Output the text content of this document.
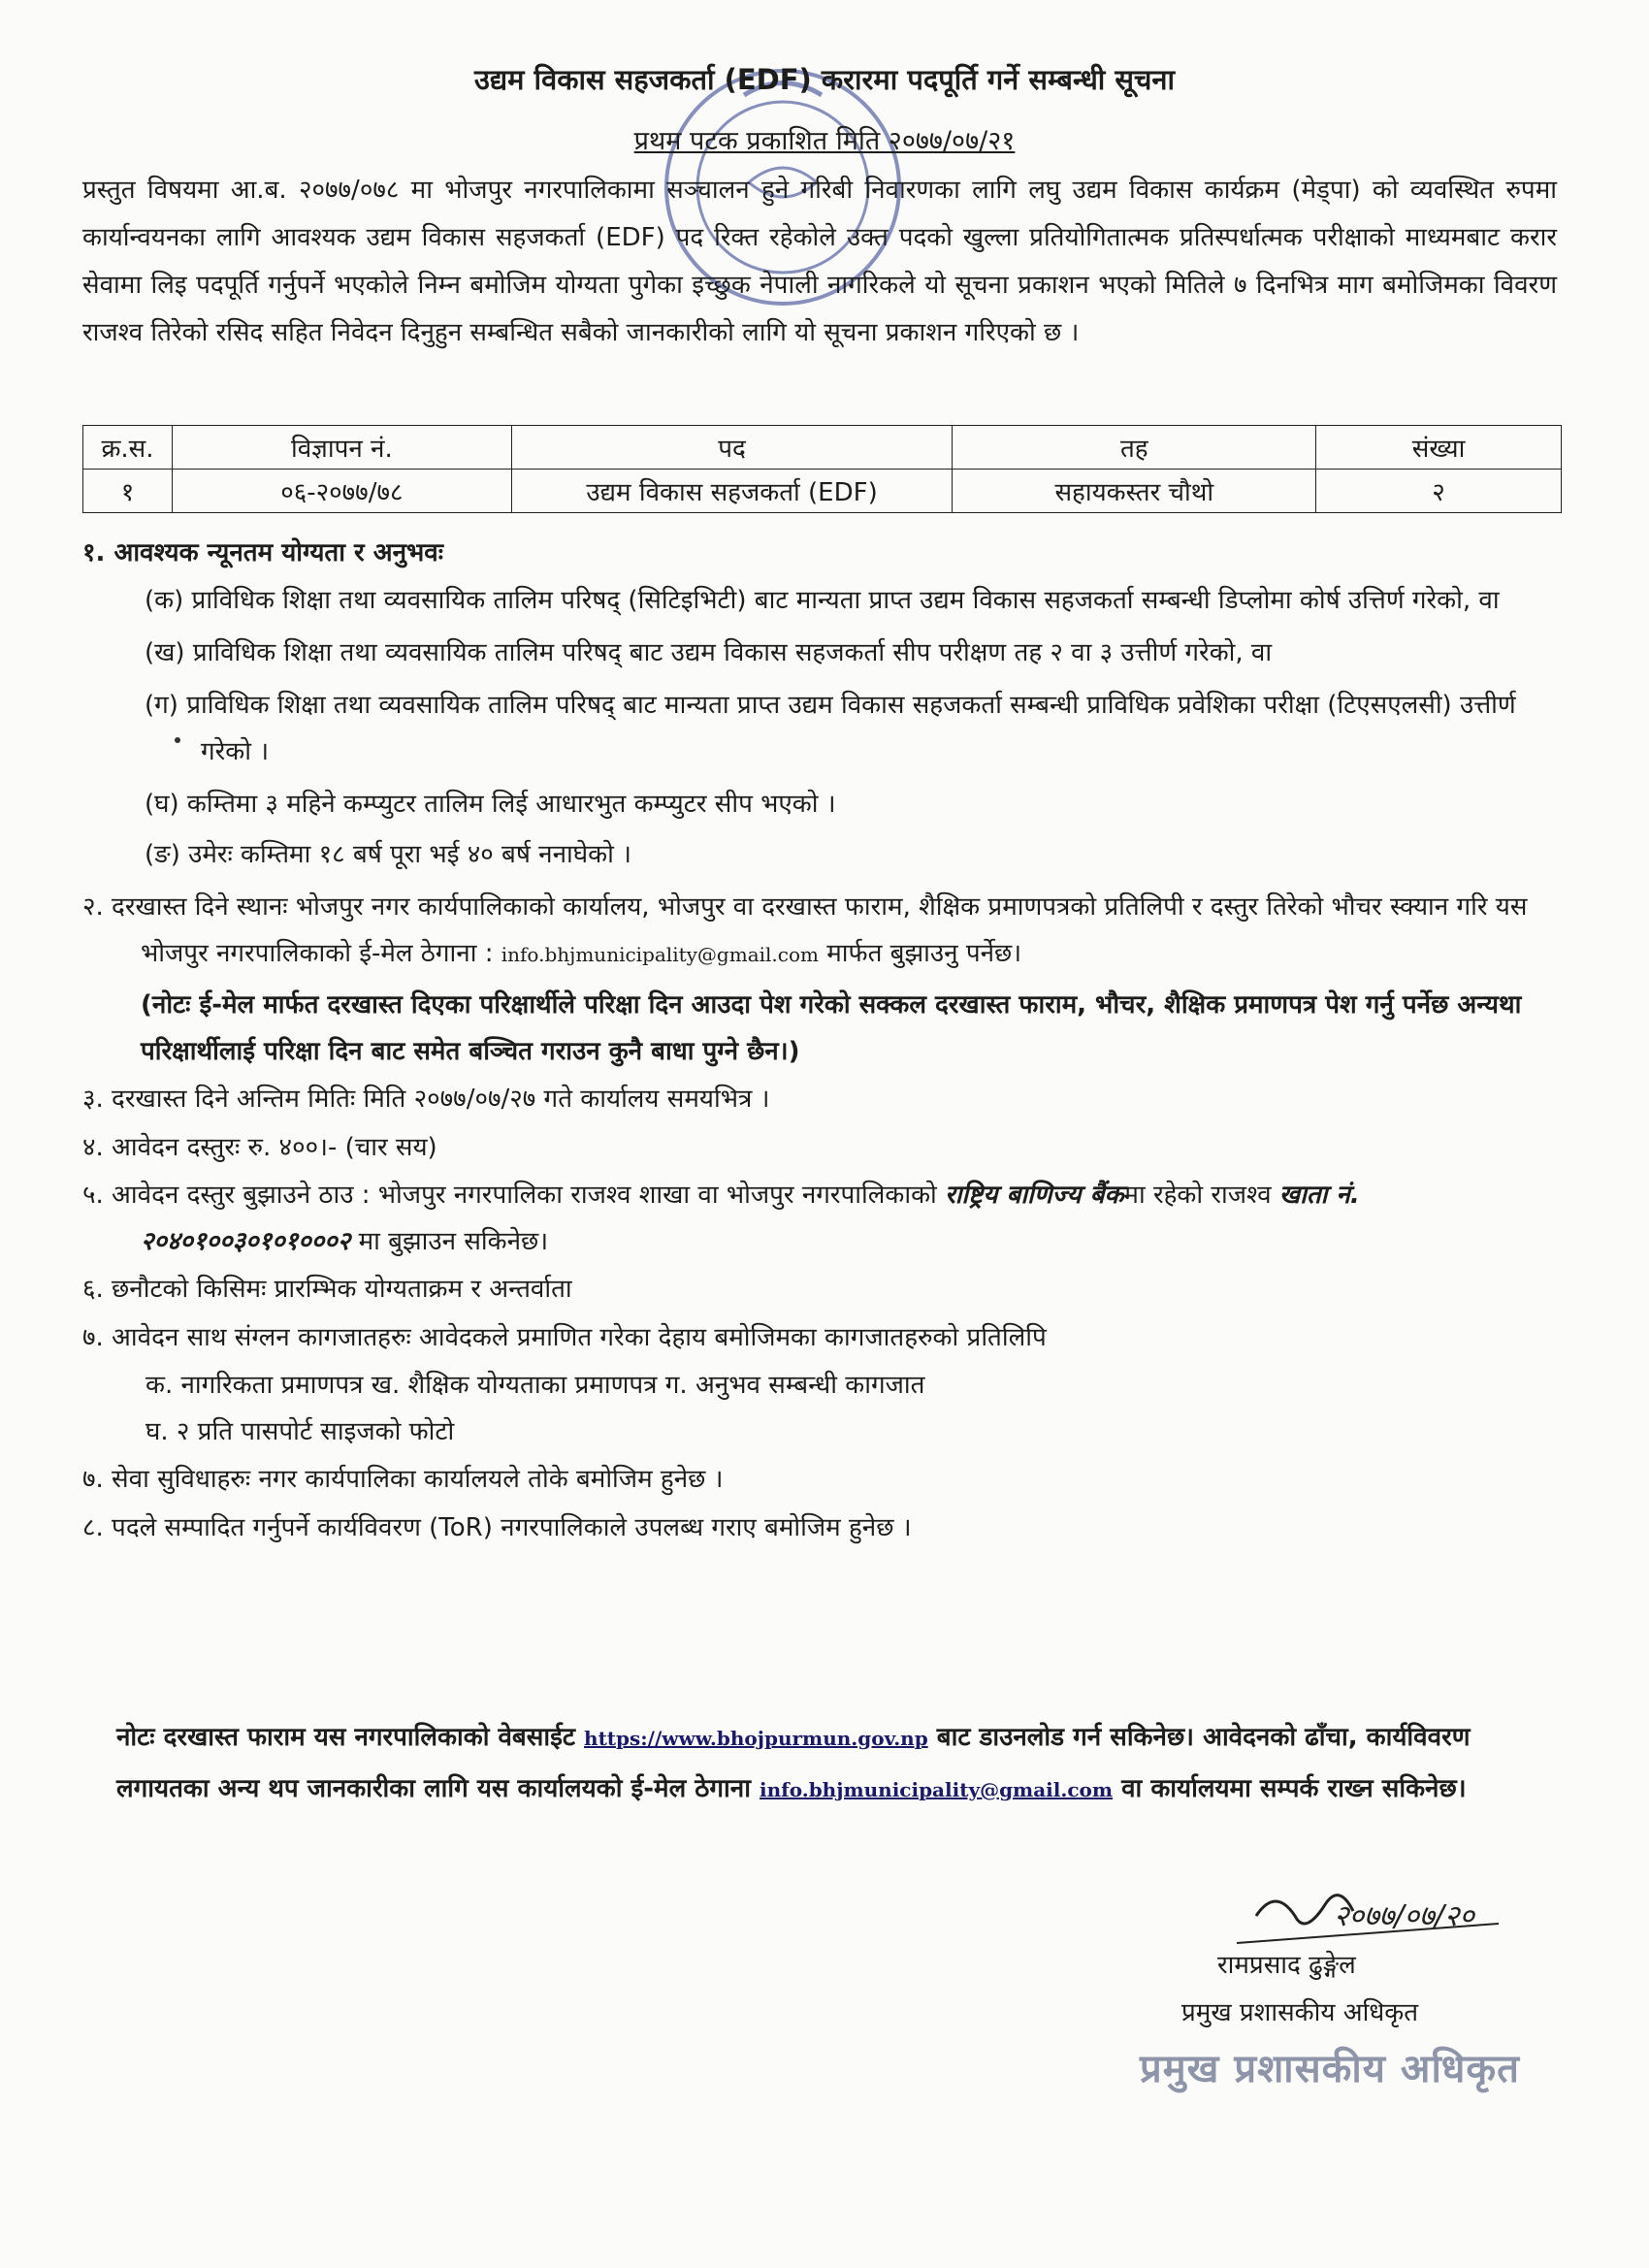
उद्यम विकास सहजकर्ता (EDF) करारमा पदपूर्ति गर्ने सम्बन्धी सूचना
प्रथम पटक प्रकाशित मिति २०७७/०७/२१
प्रस्तुत विषयमा आ.ब. २०७७/०७८ मा भोजपुर नगरपालिकामा सञ्चालन हुने गरिबी निवारणका लागि लघु उद्यम विकास कार्यक्रम (मेड्पा) को व्यवस्थित रुपमा कार्यान्वयनका लागि आवश्यक उद्यम विकास सहजकर्ता (EDF) पद रिक्त रहेकोले उक्त पदको खुल्ला प्रतियोगितात्मक प्रतिस्पर्धात्मक परीक्षाको माध्यमबाट करार सेवामा लिइ पदपूर्ति गर्नुपर्ने भएकोले निम्न बमोजिम योग्यता पुगेका इच्छुक नेपाली नागरिकले यो सूचना प्रकाशन भएको मितिले ७ दिनभित्र माग बमोजिमका विवरण राजश्व तिरेको रसिद सहित निवेदन दिनुहुन सम्बन्धित सबैको जानकारीको लागि यो सूचना प्रकाशन गरिएको छ ।
क्र.स.	विज्ञापन नं.	पद	तह	संख्या
१	०६-२०७७/७८	उद्यम विकास सहजकर्ता (EDF)	सहायकस्तर चौथो	२
१. आवश्यक न्यूनतम योग्यता र अनुभवः
(क) प्राविधिक शिक्षा तथा व्यवसायिक तालिम परिषद् (सिटिइभिटी) बाट मान्यता प्राप्त उद्यम विकास सहजकर्ता सम्बन्धी डिप्लोमा कोर्ष उत्तिर्ण गरेको, वा
(ख) प्राविधिक शिक्षा तथा व्यवसायिक तालिम परिषद् बाट उद्यम विकास सहजकर्ता सीप परीक्षण तह २ वा ३ उत्तीर्ण गरेको, वा
(ग) प्राविधिक शिक्षा तथा व्यवसायिक तालिम परिषद् बाट मान्यता प्राप्त उद्यम विकास सहजकर्ता सम्बन्धी प्राविधिक प्रवेशिका परीक्षा (टिएसएलसी) उत्तीर्ण गरेको ।
(घ) कम्तिमा ३ महिने कम्प्युटर तालिम लिई आधारभुत कम्प्युटर सीप भएको ।
(ङ) उमेरः कम्तिमा १८ बर्ष पूरा भई ४० बर्ष ननाघेको ।
२. दरखास्त दिने स्थानः भोजपुर नगर कार्यपालिकाको कार्यालय, भोजपुर वा दरखास्त फाराम, शैक्षिक प्रमाणपत्रको प्रतिलिपी र दस्तुर तिरेको भौचर स्क्यान गरि यस भोजपुर नगरपालिकाको ई-मेल ठेगाना : info.bhjmunicipality@gmail.com मार्फत बुझाउनु पर्नेछ।
(नोटः ई-मेल मार्फत दरखास्त दिएका परिक्षार्थीले परिक्षा दिन आउदा पेश गरेको सक्कल दरखास्त फाराम, भौचर, शैक्षिक प्रमाणपत्र पेश गर्नु पर्नेछ अन्यथा परिक्षार्थीलाई परिक्षा दिन बाट समेत बञ्चित गराउन कुनै बाधा पुग्ने छैन।)
३. दरखास्त दिने अन्तिम मितिः मिति २०७७/०७/२७ गते कार्यालय समयभित्र ।
४. आवेदन दस्तुरः रु. ४००।- (चार सय)
५. आवेदन दस्तुर बुझाउने ठाउ : भोजपुर नगरपालिका राजश्व शाखा वा भोजपुर नगरपालिकाको राष्ट्रिय बाणिज्य बैंकमा रहेको राजश्व खाता नं. २०४०१००३०१०१०००२ मा बुझाउन सकिनेछ।
६. छनौटको किसिमः प्रारम्भिक योग्यताक्रम र अन्तर्वाता
७. आवेदन साथ संग्लन कागजातहरुः आवेदकले प्रमाणित गरेका देहाय बमोजिमका कागजातहरुको प्रतिलिपि
क. नागरिकता प्रमाणपत्र ख. शैक्षिक योग्यताका प्रमाणपत्र ग. अनुभव सम्बन्धी कागजात
घ. २ प्रति पासपोर्ट साइजको फोटो
७. सेवा सुविधाहरुः नगर कार्यपालिका कार्यालयले तोके बमोजिम हुनेछ ।
८. पदले सम्पादित गर्नुपर्ने कार्यविवरण (ToR) नगरपालिकाले उपलब्ध गराए बमोजिम हुनेछ ।
नोटः दरखास्त फाराम यस नगरपालिकाको वेबसाईट https://www.bhojpurmun.gov.np बाट डाउनलोड गर्न सकिनेछ। आवेदनको ढाँचा, कार्यविवरण लगायतका अन्य थप जानकारीका लागि यस कार्यालयको ई-मेल ठेगाना info.bhjmunicipality@gmail.com वा कार्यालयमा सम्पर्क राख्न सकिनेछ।
२०७७/०७/२०
रामप्रसाद ढुङ्गेल
प्रमुख प्रशासकीय अधिकृत
प्रमुख प्रशासकीय अधिकृत
